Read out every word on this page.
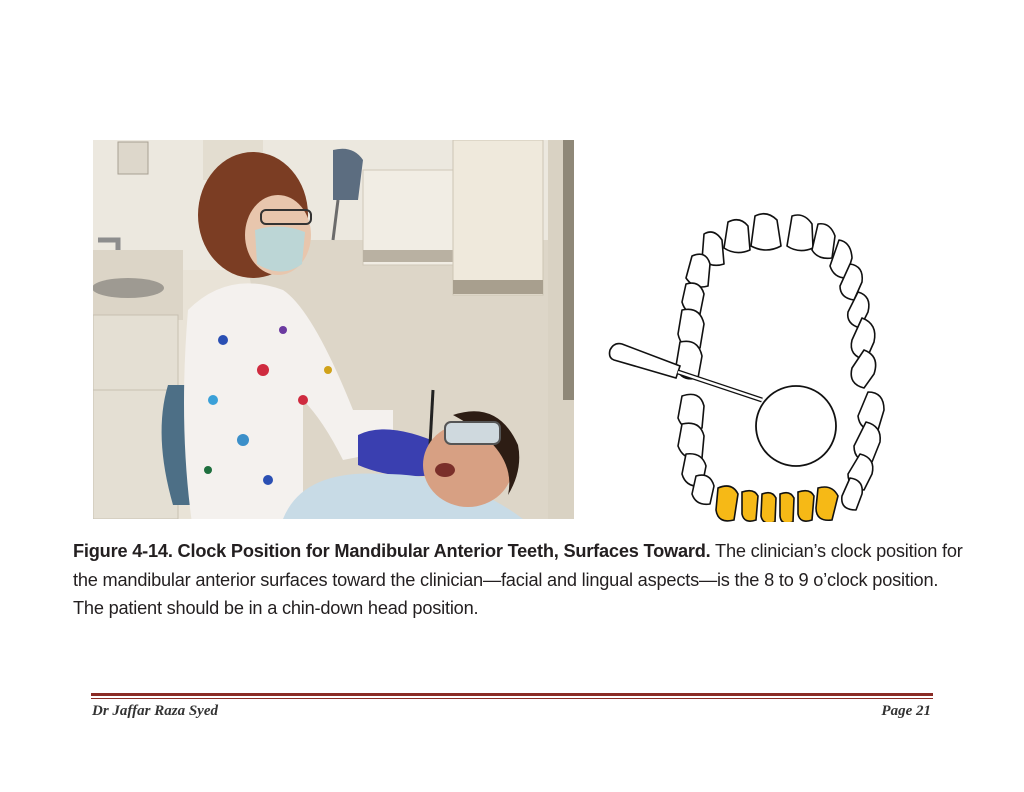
Figure 4-14. Clock Position for Mandibular Anterior Teeth, Surfaces Toward. The clinician’s clock position for the mandibular anterior surfaces toward the clinician—facial and lingual aspects—is the 8 to 9 o’clock position. The patient should be in a chin-down head position.
Dr Jaffar Raza Syed	Page 21
